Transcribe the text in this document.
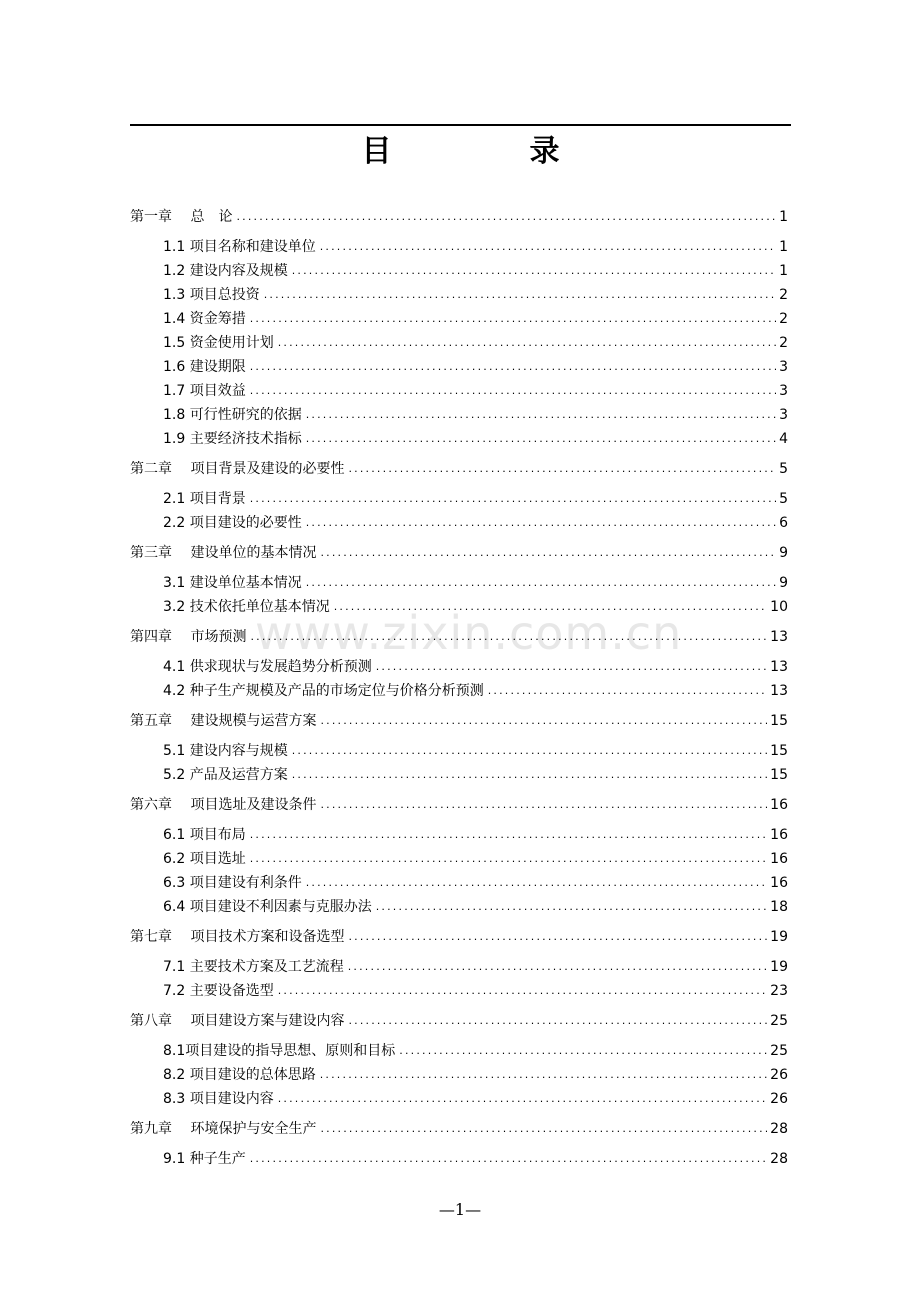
目　录
www.zixin.com.cn
第一章　 总　论 .....	1
1.1 项目名称和建设单位 .....	1
1.2 建设内容及规模 .....	1
1.3 项目总投资 .....	2
1.4 资金筹措 .....	2
1.5 资金使用计划 .....	2
1.6 建设期限 .....	3
1.7 项目效益 .....	3
1.8 可行性研究的依据 .....	3
1.9 主要经济技术指标 .....	4
第二章　 项目背景及建设的必要性 .....	5
2.1 项目背景 .....	5
2.2 项目建设的必要性 .....	6
第三章　 建设单位的基本情况 .....	9
3.1 建设单位基本情况 .....	9
3.2 技术依托单位基本情况 .....	10
第四章　 市场预测 .....	13
4.1 供求现状与发展趋势分析预测 .....	13
4.2 种子生产规模及产品的市场定位与价格分析预测 .....	13
第五章　 建设规模与运营方案 .....	15
5.1 建设内容与规模 .....	15
5.2 产品及运营方案 .....	15
第六章　 项目选址及建设条件 .....	16
6.1 项目布局 .....	16
6.2 项目选址 .....	16
6.3 项目建设有利条件 .....	16
6.4 项目建设不利因素与克服办法 .....	18
第七章　 项目技术方案和设备选型 .....	19
7.1 主要技术方案及工艺流程 .....	19
7.2 主要设备选型 .....	23
第八章　 项目建设方案与建设内容 .....	25
8.1项目建设的指导思想、原则和目标 .....	25
8.2 项目建设的总体思路 .....	26
8.3 项目建设内容 .....	26
第九章　 环境保护与安全生产 .....	28
9.1 种子生产 .....	28
—1—
